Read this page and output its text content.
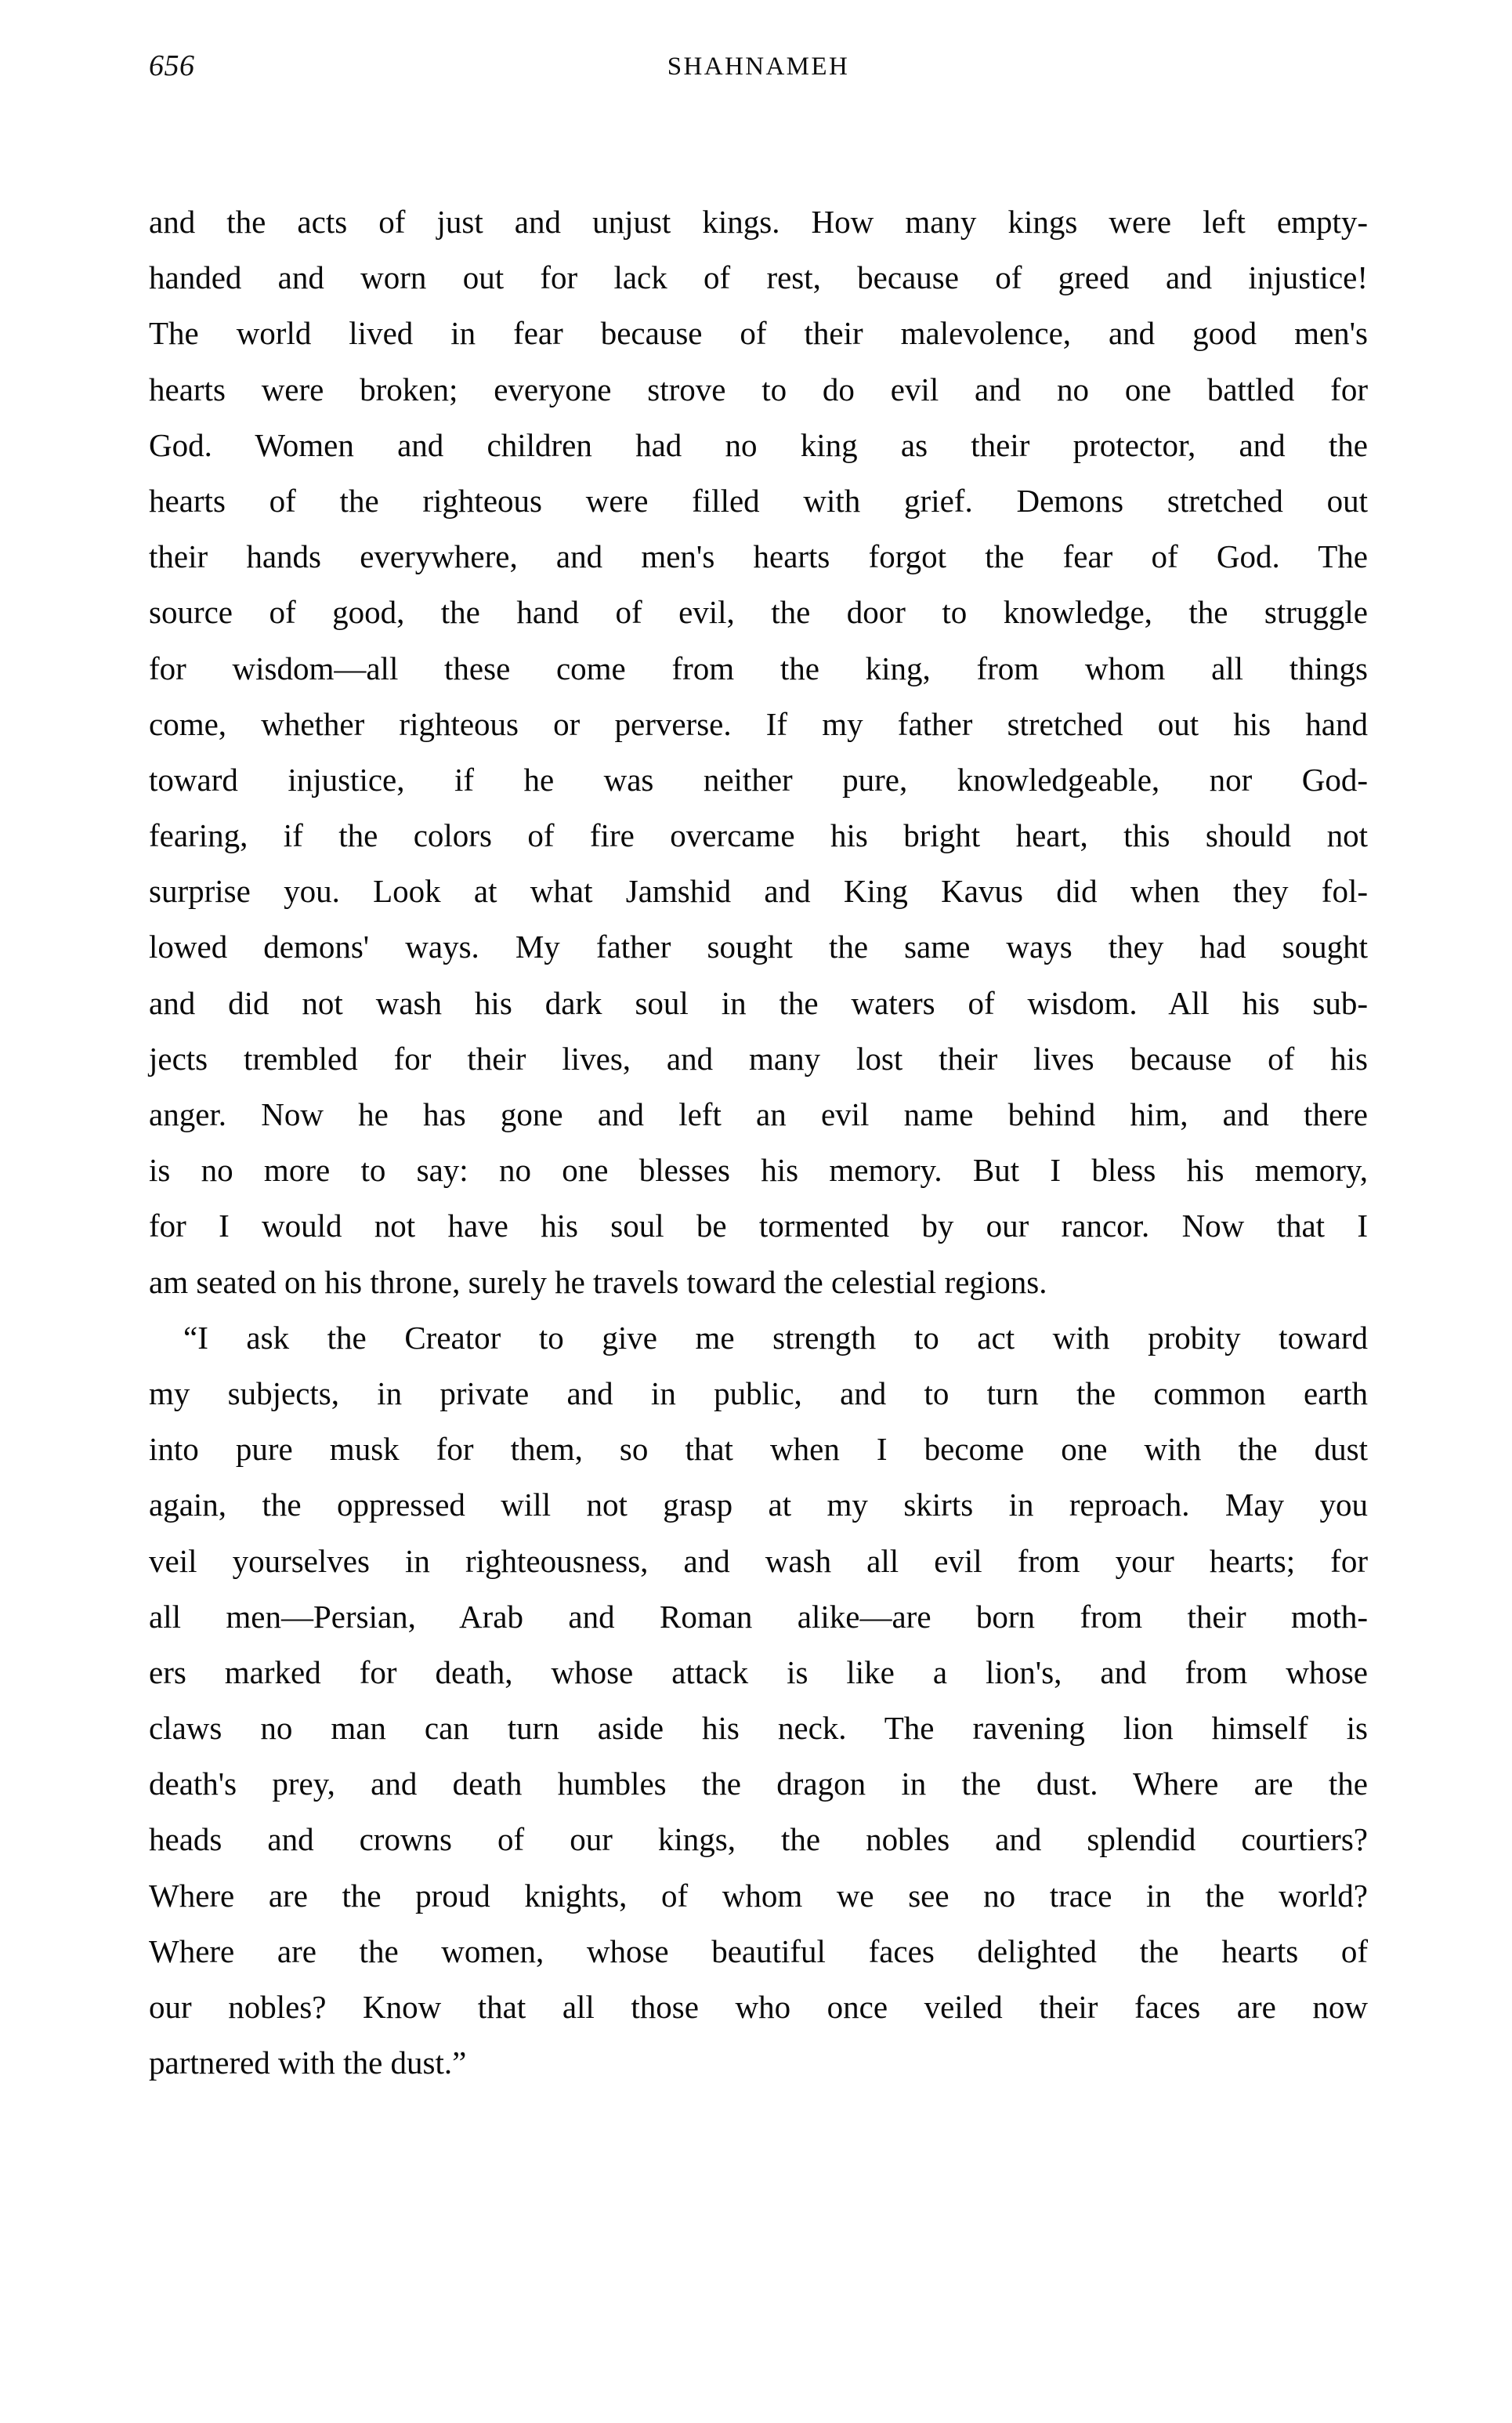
656	SHAHNAMEH

and the acts of just and unjust kings. How many kings were left empty-
handed and worn out for lack of rest, because of greed and injustice!
The world lived in fear because of their malevolence, and good men's
hearts were broken; everyone strove to do evil and no one battled for
God. Women and children had no king as their protector, and the
hearts of the righteous were filled with grief. Demons stretched out
their hands everywhere, and men's hearts forgot the fear of God. The
source of good, the hand of evil, the door to knowledge, the struggle
for wisdom—all these come from the king, from whom all things
come, whether righteous or perverse. If my father stretched out his hand
toward injustice, if he was neither pure, knowledgeable, nor God-
fearing, if the colors of fire overcame his bright heart, this should not
surprise you. Look at what Jamshid and King Kavus did when they fol-
lowed demons' ways. My father sought the same ways they had sought
and did not wash his dark soul in the waters of wisdom. All his sub-
jects trembled for their lives, and many lost their lives because of his
anger. Now he has gone and left an evil name behind him, and there
is no more to say: no one blesses his memory. But I bless his memory,
for I would not have his soul be tormented by our rancor. Now that I
am seated on his throne, surely he travels toward the celestial regions.

“I ask the Creator to give me strength to act with probity toward
my subjects, in private and in public, and to turn the common earth
into pure musk for them, so that when I become one with the dust
again, the oppressed will not grasp at my skirts in reproach. May you
veil yourselves in righteousness, and wash all evil from your hearts; for
all men—Persian, Arab and Roman alike—are born from their moth-
ers marked for death, whose attack is like a lion's, and from whose
claws no man can turn aside his neck. The ravening lion himself is
death's prey, and death humbles the dragon in the dust. Where are the
heads and crowns of our kings, the nobles and splendid courtiers?
Where are the proud knights, of whom we see no trace in the world?
Where are the women, whose beautiful faces delighted the hearts of
our nobles? Know that all those who once veiled their faces are now
partnered with the dust.”
